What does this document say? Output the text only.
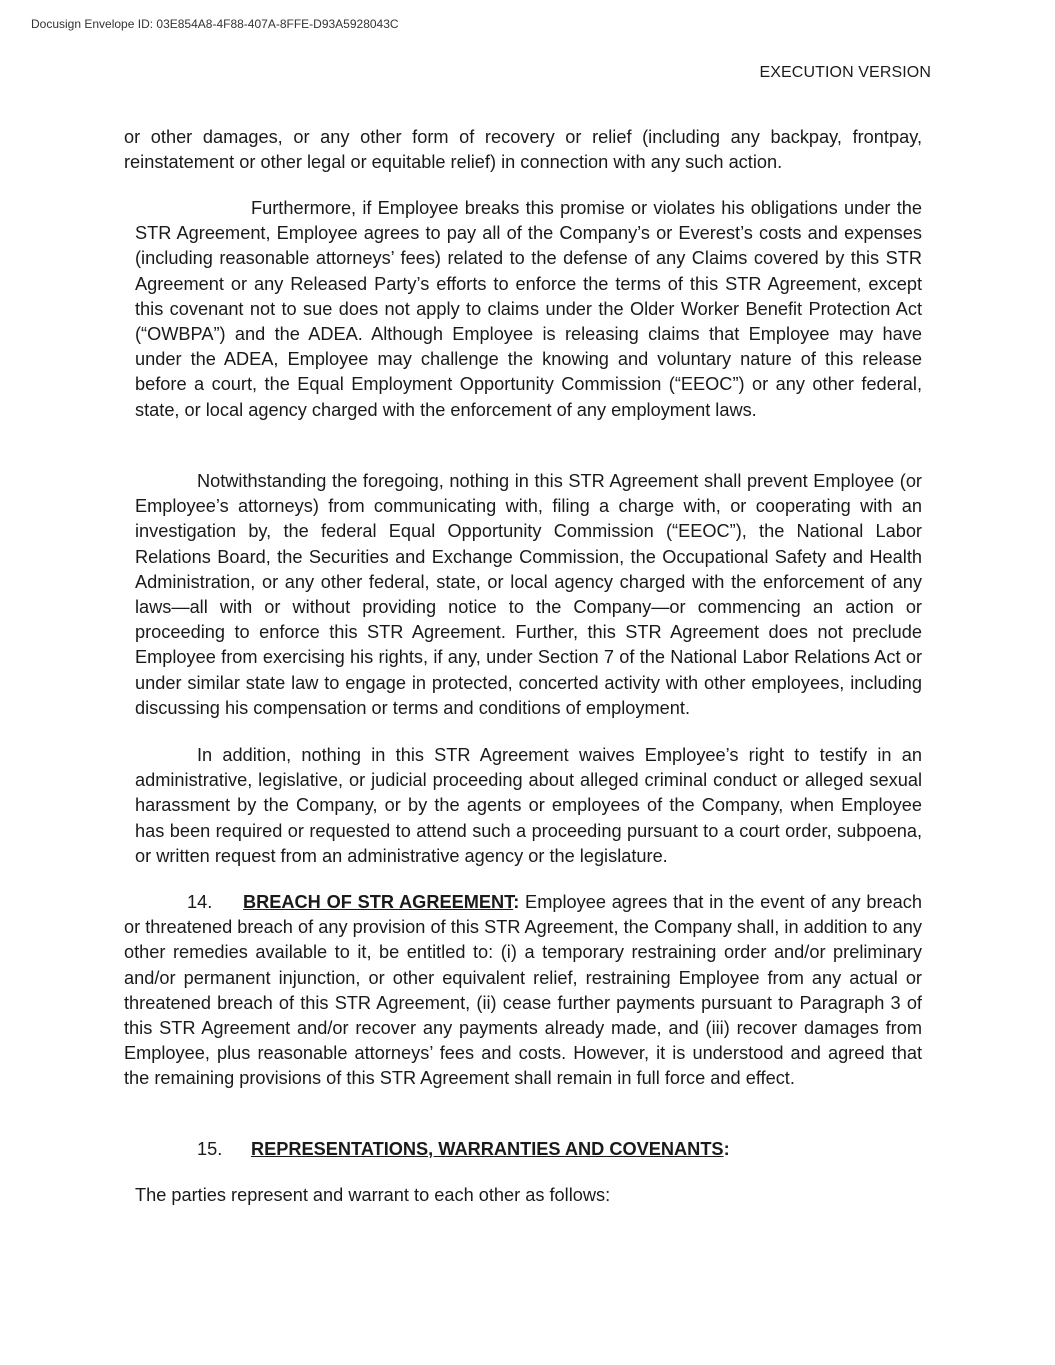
Docusign Envelope ID: 03E854A8-4F88-407A-8FFE-D93A5928043C
EXECUTION VERSION

or other damages, or any other form of recovery or relief (including any backpay, frontpay, reinstatement or other legal or equitable relief) in connection with any such action.

Furthermore, if Employee breaks this promise or violates his obligations under the STR Agreement, Employee agrees to pay all of the Company’s or Everest’s costs and expenses (including reasonable attorneys’ fees) related to the defense of any Claims covered by this STR Agreement or any Released Party’s efforts to enforce the terms of this STR Agreement, except this covenant not to sue does not apply to claims under the Older Worker Benefit Protection Act (“OWBPA”) and the ADEA. Although Employee is releasing claims that Employee may have under the ADEA, Employee may challenge the knowing and voluntary nature of this release before a court, the Equal Employment Opportunity Commission (“EEOC”) or any other federal, state, or local agency charged with the enforcement of any employment laws.

Notwithstanding the foregoing, nothing in this STR Agreement shall prevent Employee (or Employee’s attorneys) from communicating with, filing a charge with, or cooperating with an investigation by, the federal Equal Opportunity Commission (“EEOC”), the National Labor Relations Board, the Securities and Exchange Commission, the Occupational Safety and Health Administration, or any other federal, state, or local agency charged with the enforcement of any laws—all with or without providing notice to the Company—or commencing an action or proceeding to enforce this STR Agreement. Further, this STR Agreement does not preclude Employee from exercising his rights, if any, under Section 7 of the National Labor Relations Act or under similar state law to engage in protected, concerted activity with other employees, including discussing his compensation or terms and conditions of employment.

In addition, nothing in this STR Agreement waives Employee’s right to testify in an administrative, legislative, or judicial proceeding about alleged criminal conduct or alleged sexual harassment by the Company, or by the agents or employees of the Company, when Employee has been required or requested to attend such a proceeding pursuant to a court order, subpoena, or written request from an administrative agency or the legislature.

14. BREACH OF STR AGREEMENT: Employee agrees that in the event of any breach or threatened breach of any provision of this STR Agreement, the Company shall, in addition to any other remedies available to it, be entitled to: (i) a temporary restraining order and/or preliminary and/or permanent injunction, or other equivalent relief, restraining Employee from any actual or threatened breach of this STR Agreement, (ii) cease further payments pursuant to Paragraph 3 of this STR Agreement and/or recover any payments already made, and (iii) recover damages from Employee, plus reasonable attorneys’ fees and costs. However, it is understood and agreed that the remaining provisions of this STR Agreement shall remain in full force and effect.

15. REPRESENTATIONS, WARRANTIES AND COVENANTS:

The parties represent and warrant to each other as follows:
